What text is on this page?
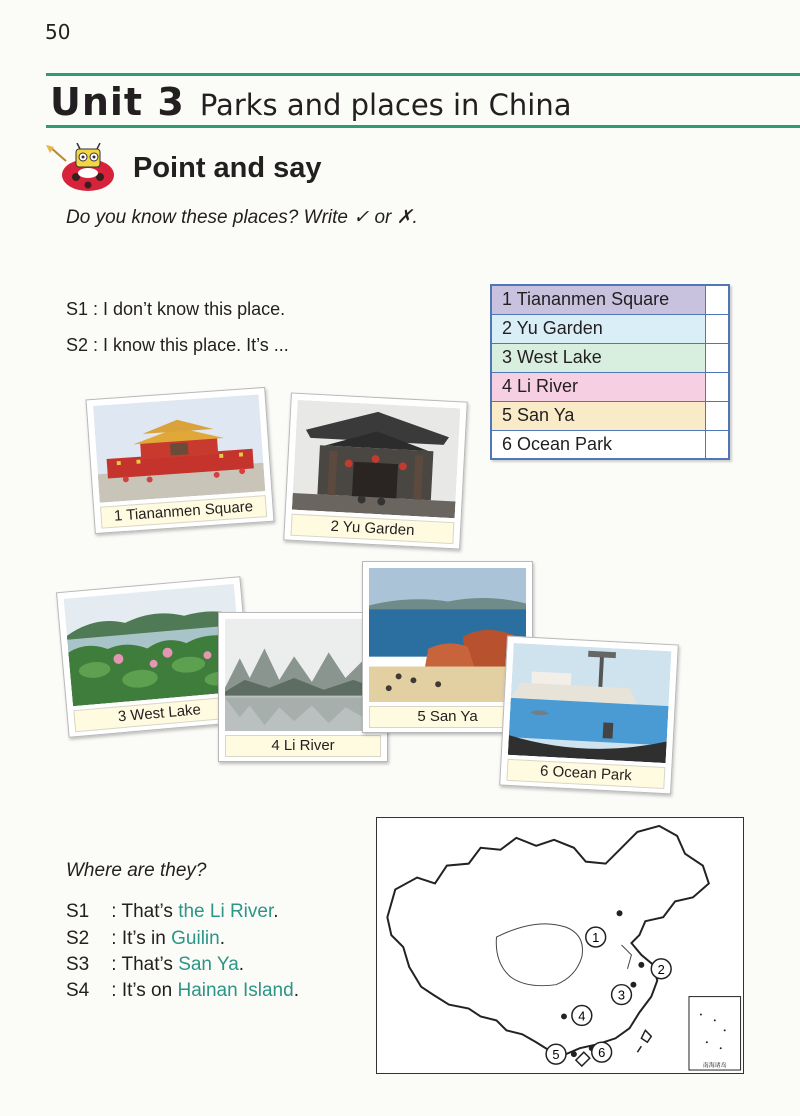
50
Unit 3 Parks and places in China
Point and say
Do you know these places? Write ✓ or ✗.
S1 : I don’t know this place.
S2 : I know this place. It’s ...
1 Tiananmen Square	
2 Yu Garden	
3 West Lake	
4 Li River	
5 San Ya	
6 Ocean Park	
1 Tiananmen Square
2 Yu Garden
3 West Lake
4 Li River
5 San Ya
6 Ocean Park
Where are they?
S1 : That’s the Li River.
S2 : It’s in Guilin.
S3 : That’s San Ya.
S4 : It’s on Hainan Island.
1
2
3
4
5	6
南海诸岛
